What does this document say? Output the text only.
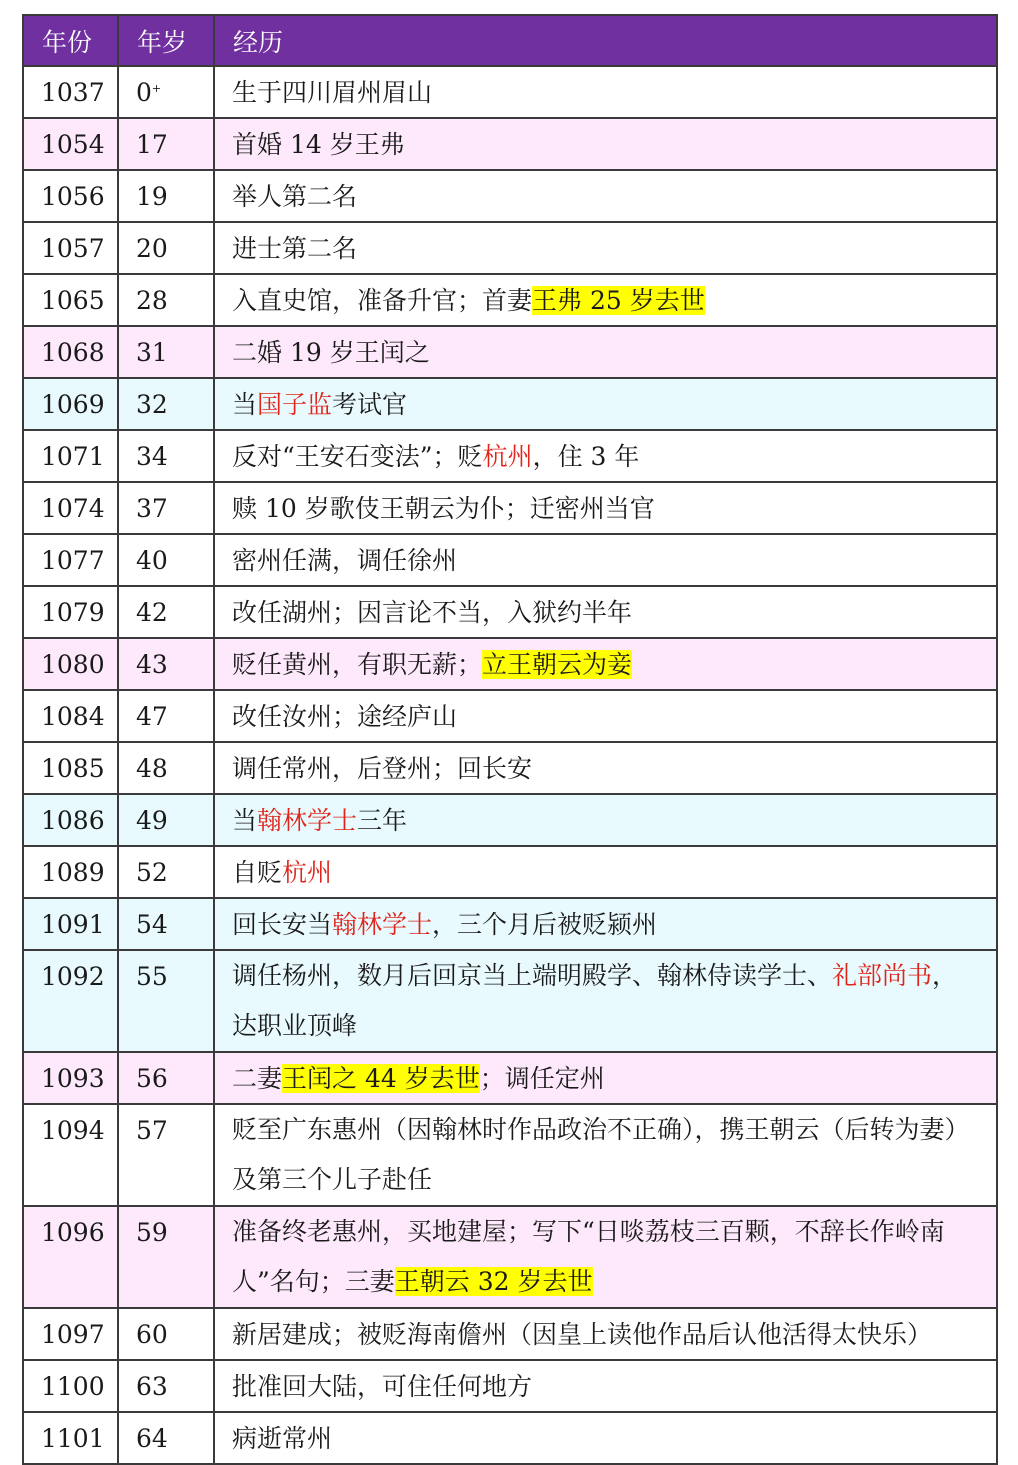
年份	年岁	经历
1037	0+	生于四川眉州眉山
1054	17	首婚 14 岁王弗
1056	19	举人第二名
1057	20	进士第二名
1065	28	入直史馆，准备升官；首妻王弗 25 岁去世
1068	31	二婚 19 岁王闰之
1069	32	当国子监考试官
1071	34	反对“王安石变法”；贬杭州，住 3 年
1074	37	赎 10 岁歌伎王朝云为仆；迁密州当官
1077	40	密州任满，调任徐州
1079	42	改任湖州；因言论不当，入狱约半年
1080	43	贬任黄州，有职无薪；立王朝云为妾
1084	47	改任汝州；途经庐山
1085	48	调任常州，后登州；回长安
1086	49	当翰林学士三年
1089	52	自贬杭州
1091	54	回长安当翰林学士，三个月后被贬颍州
1092	55	调任杨州，数月后回京当上端明殿学、翰林侍读学士、礼部尚书，达职业顶峰
1093	56	二妻王闰之 44 岁去世；调任定州
1094	57	贬至广东惠州（因翰林时作品政治不正确），携王朝云（后转为妻）及第三个儿子赴任
1096	59	准备终老惠州，买地建屋；写下“日啖荔枝三百颗，不辞长作岭南人”名句；三妻王朝云 32 岁去世
1097	60	新居建成；被贬海南儋州（因皇上读他作品后认他活得太快乐）
1100	63	批准回大陆，可住任何地方
1101	64	病逝常州
